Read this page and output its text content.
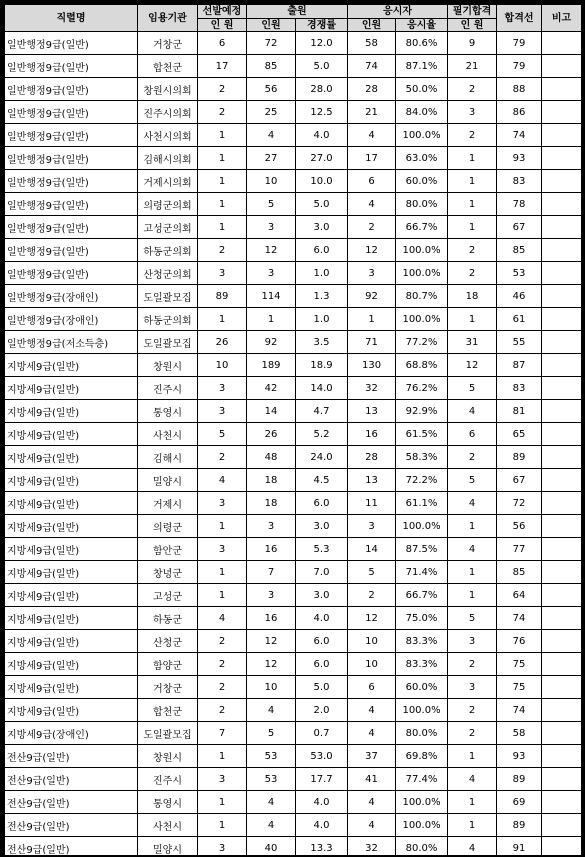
직렬명	임용기관	선발예정	출원		응시자		필기합격	합격선	비고
		인 원	인원	경쟁률	인원	응시율	인 원		
일반행정9급(일반)	거창군	6	72	12.0	58	80.6%	9	79	
일반행정9급(일반)	합천군	17	85	5.0	74	87.1%	21	79	
일반행정9급(일반)	창원시의회	2	56	28.0	28	50.0%	2	88	
일반행정9급(일반)	진주시의회	2	25	12.5	21	84.0%	3	86	
일반행정9급(일반)	사천시의회	1	4	4.0	4	100.0%	2	74	
일반행정9급(일반)	김해시의회	1	27	27.0	17	63.0%	1	93	
일반행정9급(일반)	거제시의회	1	10	10.0	6	60.0%	1	83	
일반행정9급(일반)	의령군의회	1	5	5.0	4	80.0%	1	78	
일반행정9급(일반)	고성군의회	1	3	3.0	2	66.7%	1	67	
일반행정9급(일반)	하동군의회	2	12	6.0	12	100.0%	2	85	
일반행정9급(일반)	산청군의회	3	3	1.0	3	100.0%	2	53	
일반행정9급(장애인)	도일괄모집	89	114	1.3	92	80.7%	18	46	
일반행정9급(장애인)	하동군의회	1	1	1.0	1	100.0%	1	61	
일반행정9급(저소득층)	도일괄모집	26	92	3.5	71	77.2%	31	55	
지방세9급(일반)	창원시	10	189	18.9	130	68.8%	12	87	
지방세9급(일반)	진주시	3	42	14.0	32	76.2%	5	83	
지방세9급(일반)	통영시	3	14	4.7	13	92.9%	4	81	
지방세9급(일반)	사천시	5	26	5.2	16	61.5%	6	65	
지방세9급(일반)	김해시	2	48	24.0	28	58.3%	2	89	
지방세9급(일반)	밀양시	4	18	4.5	13	72.2%	5	67	
지방세9급(일반)	거제시	3	18	6.0	11	61.1%	4	72	
지방세9급(일반)	의령군	1	3	3.0	3	100.0%	1	56	
지방세9급(일반)	함안군	3	16	5.3	14	87.5%	4	77	
지방세9급(일반)	창녕군	1	7	7.0	5	71.4%	1	85	
지방세9급(일반)	고성군	1	3	3.0	2	66.7%	1	64	
지방세9급(일반)	하동군	4	16	4.0	12	75.0%	5	74	
지방세9급(일반)	산청군	2	12	6.0	10	83.3%	3	76	
지방세9급(일반)	함양군	2	12	6.0	10	83.3%	2	75	
지방세9급(일반)	거창군	2	10	5.0	6	60.0%	3	75	
지방세9급(일반)	합천군	2	4	2.0	4	100.0%	2	74	
지방세9급(장애인)	도일괄모집	7	5	0.7	4	80.0%	2	58	
전산9급(일반)	창원시	1	53	53.0	37	69.8%	1	93	
전산9급(일반)	진주시	3	53	17.7	41	77.4%	4	89	
전산9급(일반)	통영시	1	4	4.0	4	100.0%	1	69	
전산9급(일반)	사천시	1	4	4.0	4	100.0%	1	89	
전산9급(일반)	밀양시	3	40	13.3	32	80.0%	4	91	
